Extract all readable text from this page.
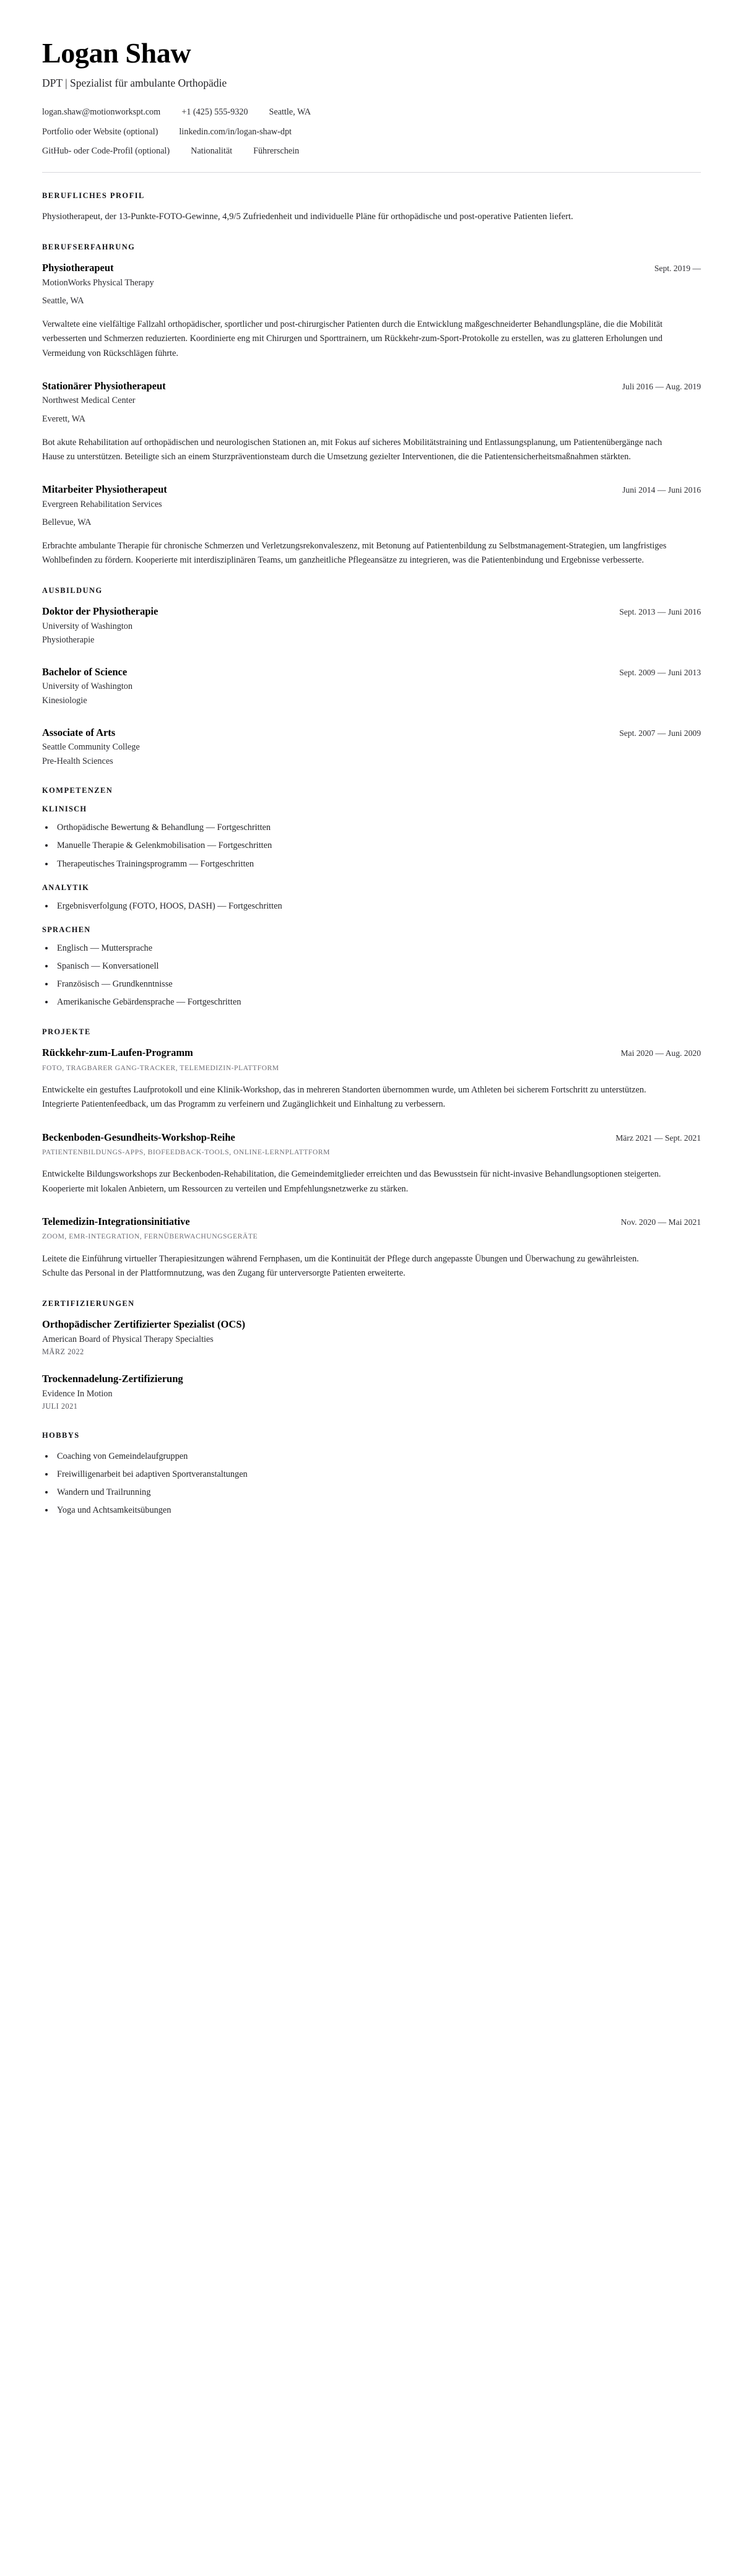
Logan Shaw
DPT | Spezialist für ambulante Orthopädie
logan.shaw@motionworkspt.com +1 (425) 555-9320 Seattle, WA
Portfolio oder Website (optional) linkedin.com/in/logan-shaw-dpt
GitHub- oder Code-Profil (optional) Nationalität Führerschein
BERUFLICHES PROFIL

Physiotherapeut, der 13-Punkte-FOTO-Gewinne, 4,9/5 Zufriedenheit und individuelle Pläne für orthopädische und post-operative Patienten liefert.

BERUFSERFAHRUNG
Physiotherapeut	Sept. 2019 —
MotionWorks Physical Therapy
Seattle, WA

Verwaltete eine vielfältige Fallzahl orthopädischer, sportlicher und post-chirurgischer Patienten durch die Entwicklung maßgeschneiderter Behandlungspläne, die die Mobilität verbesserten und Schmerzen reduzierten. Koordinierte eng mit Chirurgen und Sporttrainern, um Rückkehr-zum-Sport-Protokolle zu erstellen, was zu glatteren Erholungen und Vermeidung von Rückschlägen führte.

Stationärer Physiotherapeut	Juli 2016 — Aug. 2019
Northwest Medical Center
Everett, WA

Bot akute Rehabilitation auf orthopädischen und neurologischen Stationen an, mit Fokus auf sicheres Mobilitätstraining und Entlassungsplanung, um Patientenübergänge nach Hause zu unterstützen. Beteiligte sich an einem Sturzpräventionsteam durch die Umsetzung gezielter Interventionen, die die Patientensicherheitsmaßnahmen stärkten.

Mitarbeiter Physiotherapeut	Juni 2014 — Juni 2016
Evergreen Rehabilitation Services
Bellevue, WA

Erbrachte ambulante Therapie für chronische Schmerzen und Verletzungsrekonvaleszenz, mit Betonung auf Patientenbildung zu Selbstmanagement-Strategien, um langfristiges Wohlbefinden zu fördern. Kooperierte mit interdisziplinären Teams, um ganzheitliche Pflegeansätze zu integrieren, was die Patientenbindung und Ergebnisse verbesserte.

AUSBILDUNG
Doktor der Physiotherapie	Sept. 2013 — Juni 2016
University of Washington
Physiotherapie
Bachelor of Science	Sept. 2009 — Juni 2013
University of Washington
Kinesiologie
Associate of Arts	Sept. 2007 — Juni 2009
Seattle Community College
Pre-Health Sciences
KOMPETENZEN
KLINISCH
Orthopädische Bewertung & Behandlung — Fortgeschritten
Manuelle Therapie & Gelenkmobilisation — Fortgeschritten
Therapeutisches Trainingsprogramm — Fortgeschritten
ANALYTIK
Ergebnisverfolgung (FOTO, HOOS, DASH) — Fortgeschritten
SPRACHEN
Englisch — Muttersprache
Spanisch — Konversationell
Französisch — Grundkenntnisse
Amerikanische Gebärdensprache — Fortgeschritten
PROJEKTE
Rückkehr-zum-Laufen-Programm	Mai 2020 — Aug. 2020
FOTO, TRAGBARER GANG-TRACKER, TELEMEDIZIN-PLATTFORM

Entwickelte ein gestuftes Laufprotokoll und eine Klinik-Workshop, das in mehreren Standorten übernommen wurde, um Athleten bei sicherem Fortschritt zu unterstützen. Integrierte Patientenfeedback, um das Programm zu verfeinern und Zugänglichkeit und Einhaltung zu verbessern.

Beckenboden-Gesundheits-Workshop-Reihe	März 2021 — Sept. 2021
PATIENTENBILDUNGS-APPS, BIOFEEDBACK-TOOLS, ONLINE-LERNPLATTFORM

Entwickelte Bildungsworkshops zur Beckenboden-Rehabilitation, die Gemeindemitglieder erreichten und das Bewusstsein für nicht-invasive Behandlungsoptionen steigerten. Kooperierte mit lokalen Anbietern, um Ressourcen zu verteilen und Empfehlungsnetzwerke zu stärken.

Telemedizin-Integrationsinitiative	Nov. 2020 — Mai 2021
ZOOM, EMR-INTEGRATION, FERNÜBERWACHUNGSGERÄTE

Leitete die Einführung virtueller Therapiesitzungen während Fernphasen, um die Kontinuität der Pflege durch angepasste Übungen und Überwachung zu gewährleisten. Schulte das Personal in der Plattformnutzung, was den Zugang für unterversorgte Patienten erweiterte.

ZERTIFIZIERUNGEN
Orthopädischer Zertifizierter Spezialist (OCS)
American Board of Physical Therapy Specialties
MÄRZ 2022
Trockennadelung-Zertifizierung
Evidence In Motion
JULI 2021
HOBBYS
Coaching von Gemeindelaufgruppen
Freiwilligenarbeit bei adaptiven Sportveranstaltungen
Wandern und Trailrunning
Yoga und Achtsamkeitsübungen
